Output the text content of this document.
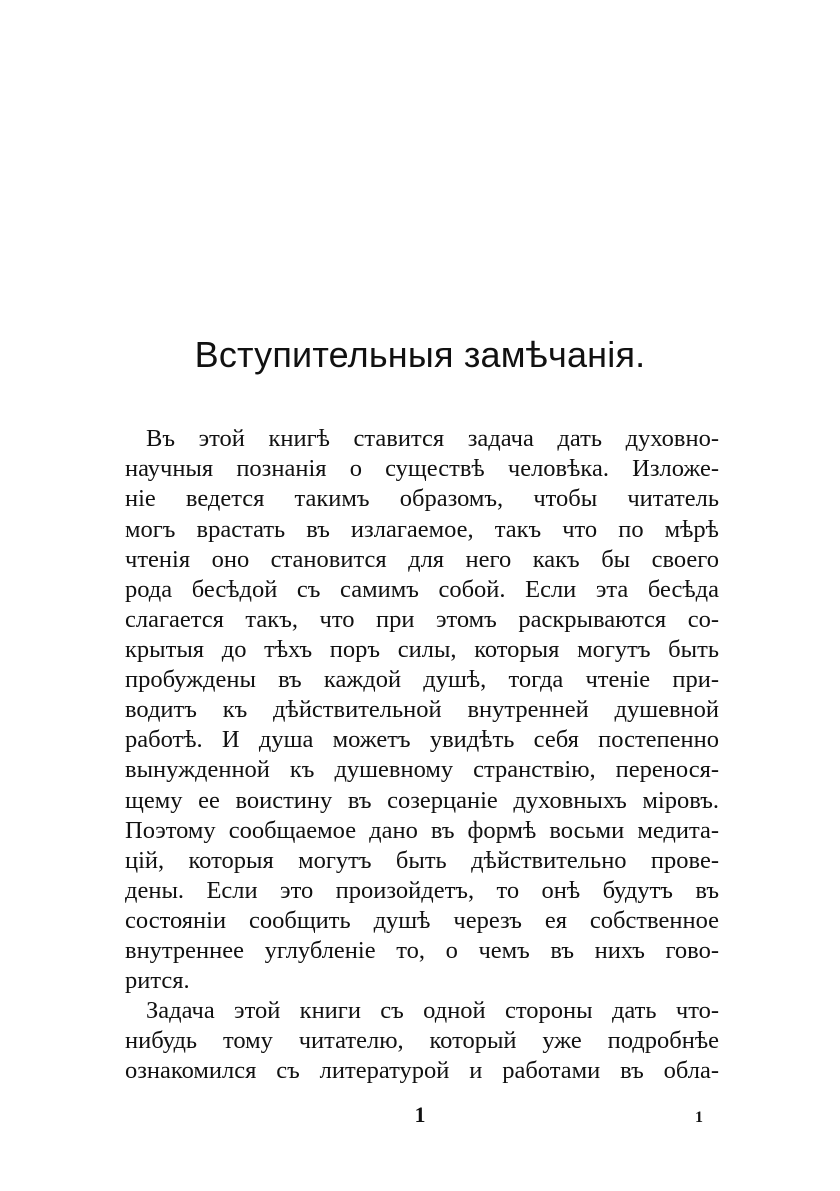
Вступительныя замѣчанія.
Въ этой книгѣ ставится задача дать духовно-
научныя познанія о существѣ человѣка. Изложе-
ніе ведется такимъ образомъ, чтобы читатель
могъ врастать въ излагаемое, такъ что по мѣрѣ
чтенія оно становится для него какъ бы своего
рода бесѣдой съ самимъ собой. Если эта бесѣда
слагается такъ, что при этомъ раскрываются со-
крытыя до тѣхъ поръ силы, которыя могутъ быть
пробуждены въ каждой душѣ, тогда чтеніе при-
водитъ къ дѣйствительной внутренней душевной
работѣ. И душа можетъ увидѣть себя постепенно
вынужденной къ душевному странствію, перенося-
щему ее воистину въ созерцаніе духовныхъ міровъ.
Поэтому сообщаемое дано въ формѣ восьми медита-
цій, которыя могутъ быть дѣйствительно прове-
дены. Если это произойдетъ, то онѣ будутъ въ
состояніи сообщить душѣ черезъ ея собственное
внутреннее углубленіе то, о чемъ въ нихъ гово-
рится.
Задача этой книги съ одной стороны дать что-
нибудь тому читателю, который уже подробнѣе
ознакомился съ литературой и работами въ обла-
1	1
